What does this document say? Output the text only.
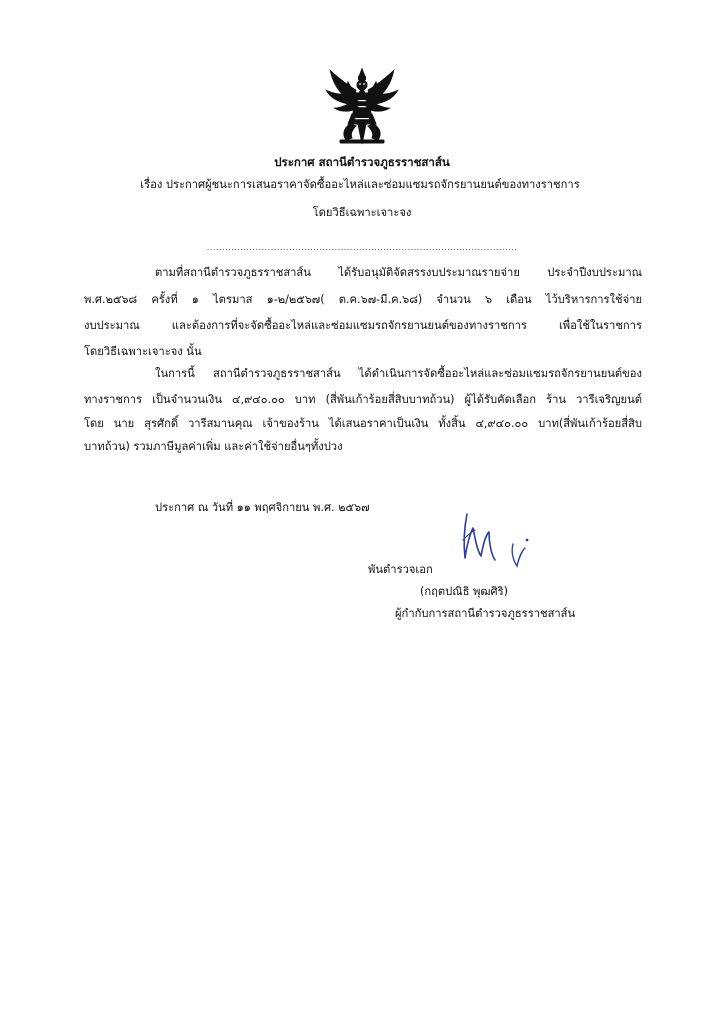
ประกาศ สถานีตำรวจภูธรราชสาส์น
เรื่อง ประกาศผู้ชนะการเสนอราคาจัดซื้ออะไหล่และซ่อมแซมรถจักรยานยนต์ของทางราชการ
โดยวิธีเฉพาะเจาะจง
......................................................................................................
ตามที่สถานีตำรวจภูธรราชสาส์น ได้รับอนุมัติจัดสรรงบประมาณรายจ่าย ประจำปีงบประมาณ
พ.ศ.๒๕๖๘ ครั้งที่ ๑ ไตรมาส ๑-๒/๒๕๖๗( ต.ค.๖๗-มี.ค.๖๘) จำนวน ๖ เดือน ไว้บริหารการใช้จ่าย
งบประมาณ และต้องการที่จะจัดซื้ออะไหล่และซ่อมแซมรถจักรยานยนต์ของทางราชการ เพื่อใช้ในราชการ
โดยวิธีเฉพาะเจาะจง นั้น
ในการนี้ สถานีตำรวจภูธรราชสาส์น ได้ดำเนินการจัดซื้ออะไหล่และซ่อมแซมรถจักรยานยนต์ของ
ทางราชการ เป็นจำนวนเงิน ๔,๙๔๐.๐๐ บาท (สี่พันเก้าร้อยสี่สิบบาทถ้วน) ผู้ได้รับคัดเลือก ร้าน วารีเจริญยนต์
โดย นาย สุรศักดิ์ วารีสมานคุณ เจ้าของร้าน ได้เสนอราคาเป็นเงิน ทั้งสิ้น ๔,๙๔๐.๐๐ บาท(สี่พันเก้าร้อยสี่สิบ
บาทถ้วน) รวมภาษีมูลค่าเพิ่ม และค่าใช้จ่ายอื่นๆทั้งปวง
ประกาศ ณ วันที่ ๑๑ พฤศจิกายน พ.ศ. ๒๕๖๗
พันตำรวจเอก
(กฤตปณิธิ พุฒศิริ)
ผู้กำกับการสถานีตำรวจภูธรราชสาส์น
